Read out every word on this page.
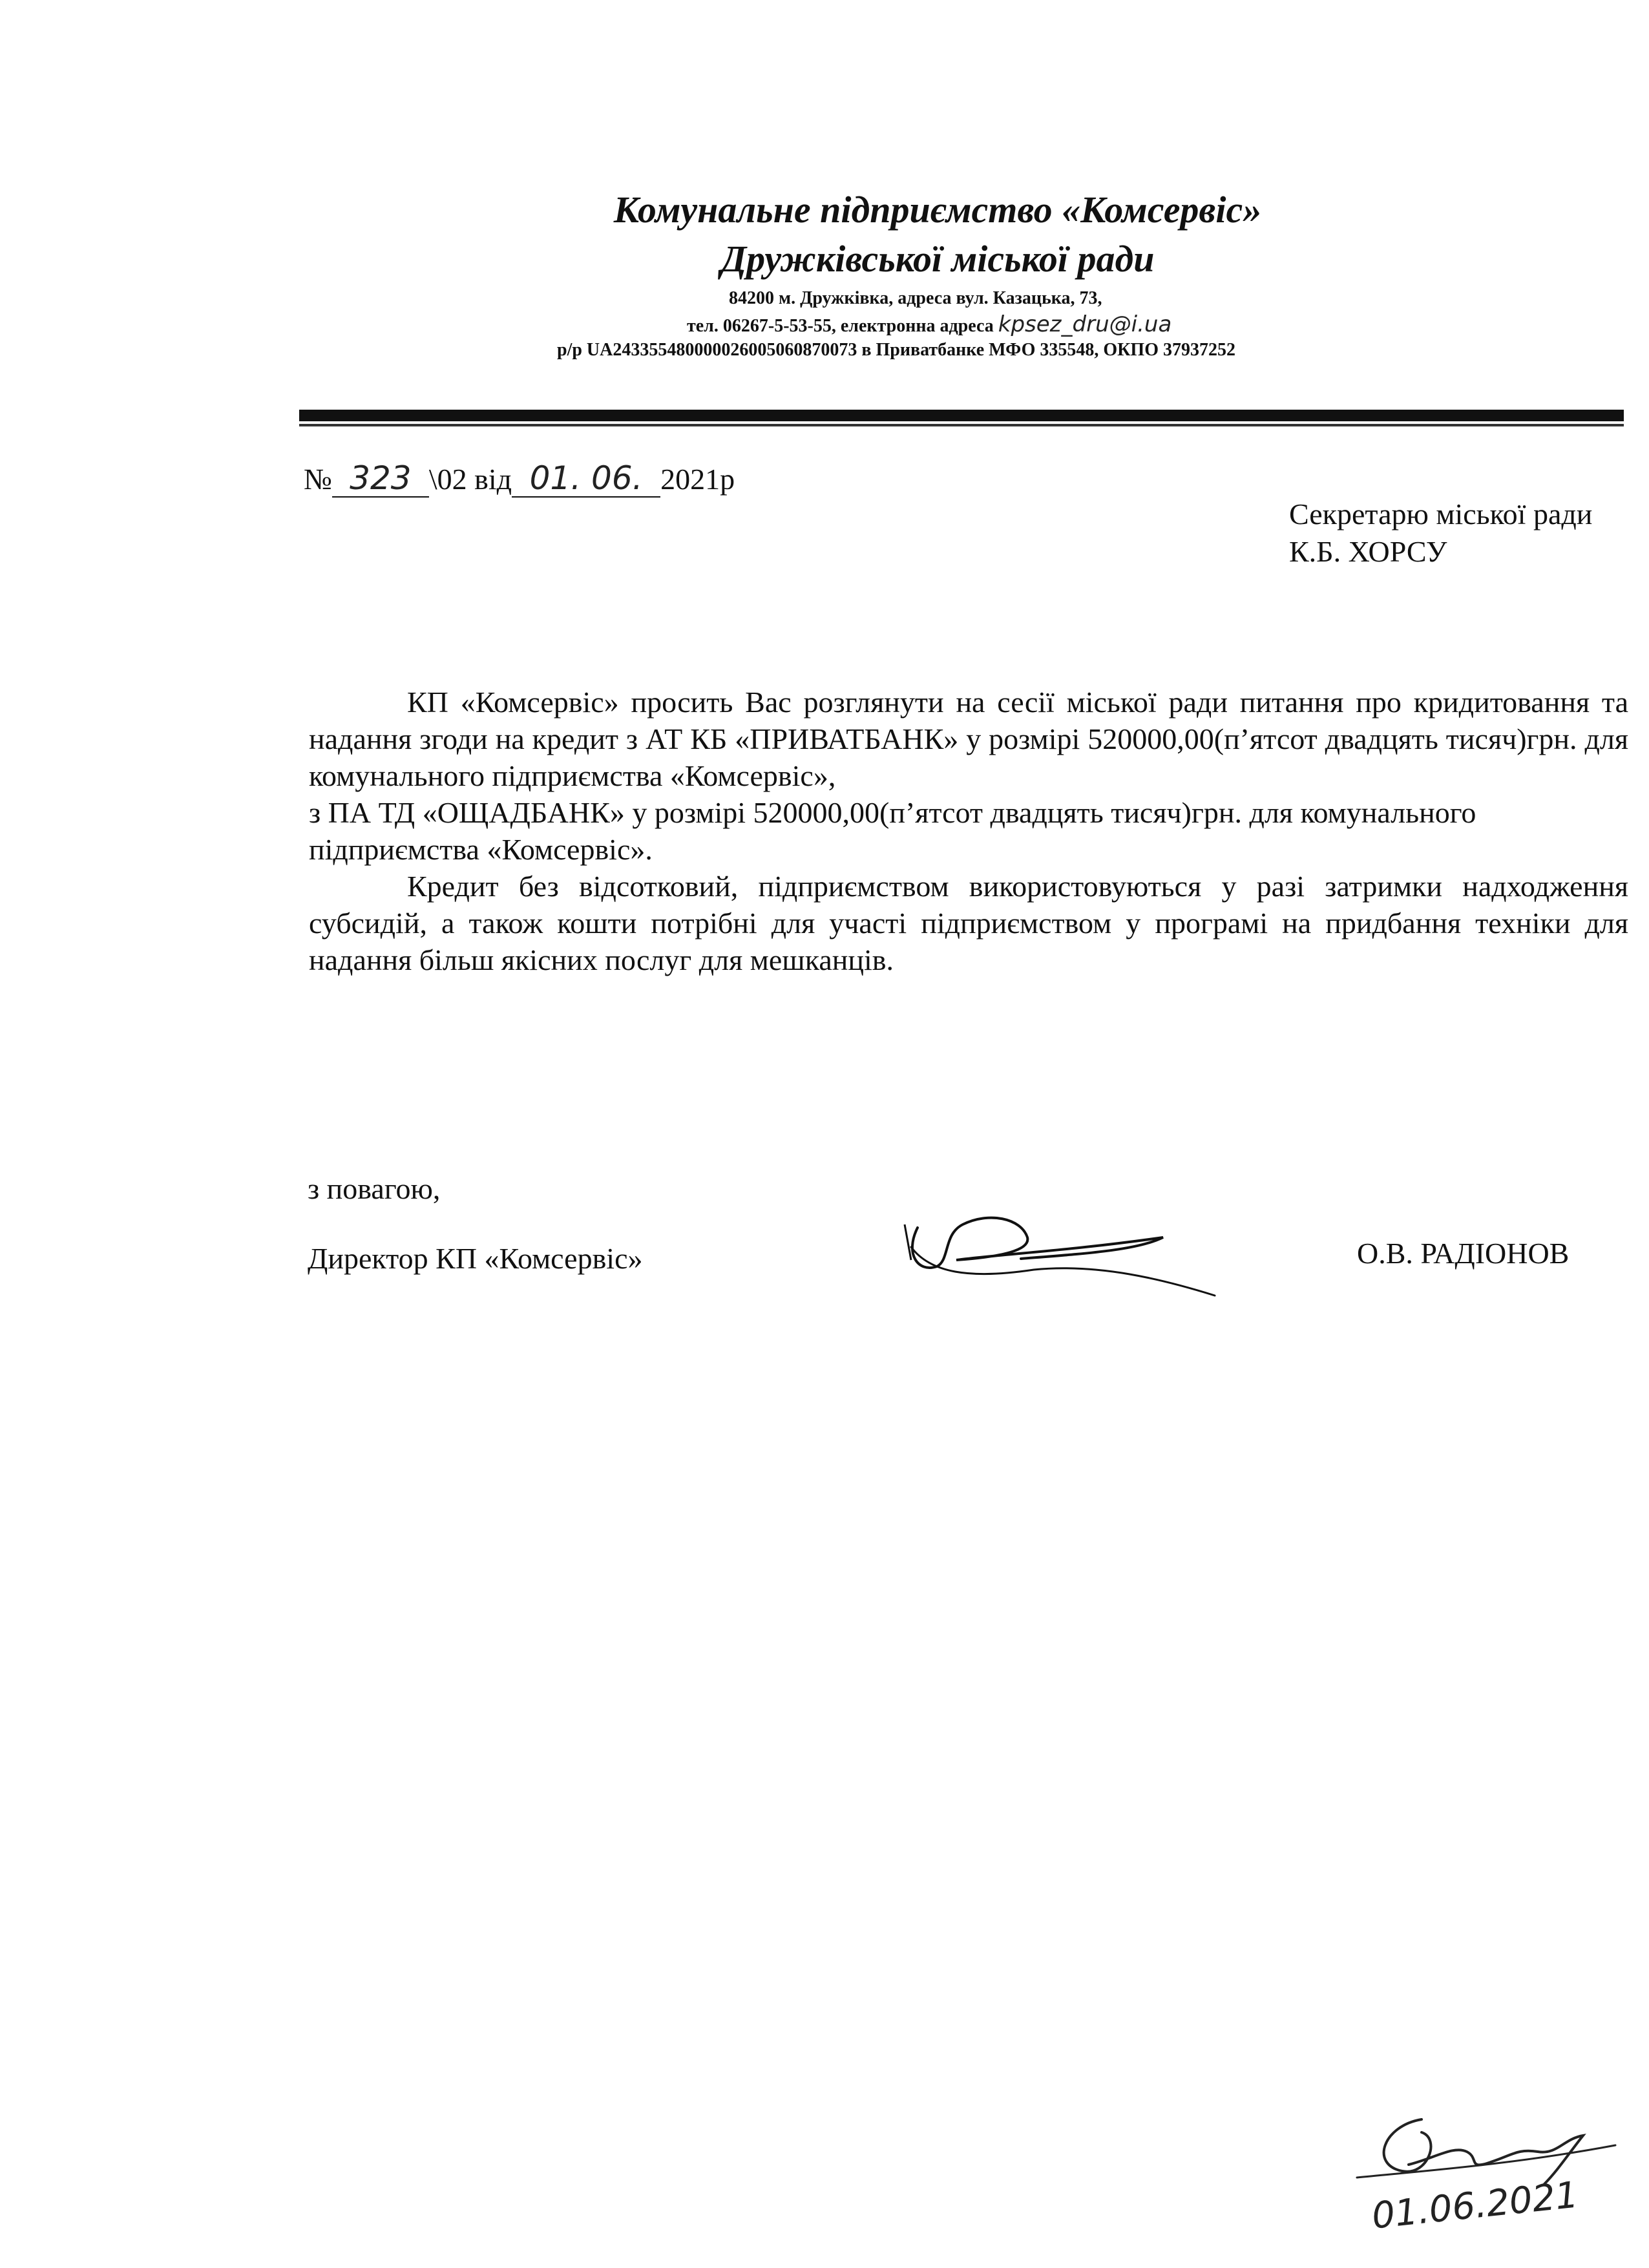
Комунальне підприємство «Комсервіс»
Дружківської міської ради
84200 м. Дружківка, адреса вул. Казацька, 73,
тел. 06267-5-53-55, електронна адреса kpsez_dru@i.ua
р/р UA243355480000026005060870073 в Приватбанке МФО 335548, ОКПО 37937252
№ 323 \02 від 01. 06. 2021р
Секретарю міської ради
К.Б. ХОРСУ
КП «Комсервіс» просить Вас розглянути на сесії міської ради питання про кридитовання та надання згоди на кредит з АТ КБ «ПРИВАТБАНК» у розмірі 520000,00(п’ятсот двадцять тисяч)грн. для комунального підприємства «Комсервіс»,
з ПА ТД «ОЩАДБАНК» у розмірі 520000,00(п’ятсот двадцять тисяч)грн. для комунального підприємства «Комсервіс».
Кредит без відсотковий, підприємством використовуються у разі затримки надходження субсидій, а також кошти потрібні для участі підприємством у програмі на придбання техніки для надання більш якісних послуг для мешканців.
з повагою,
Директор КП «Комсервіс»	О.В. РАДІОНОВ
01.06.2021
